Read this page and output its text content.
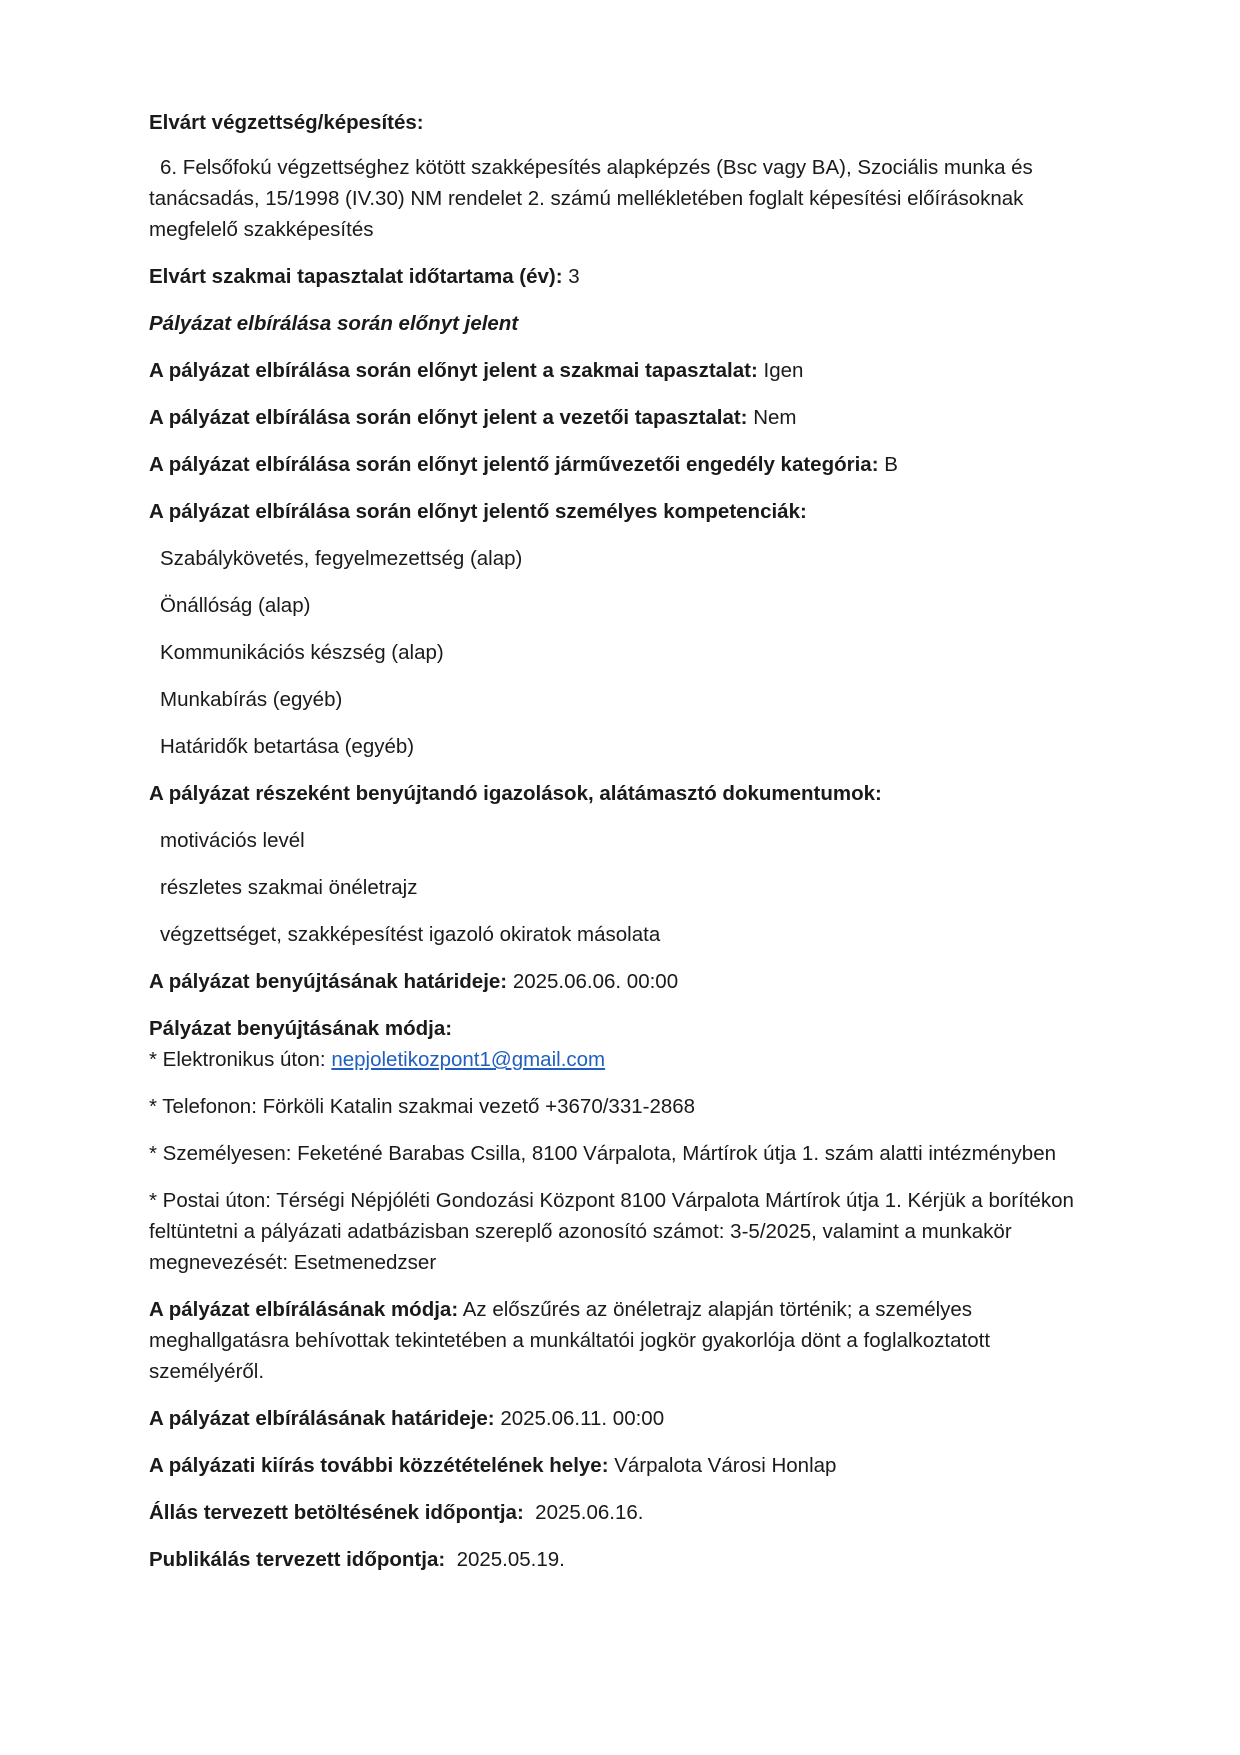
Elvárt végzettség/képesítés:

6. Felsőfokú végzettséghez kötött szakképesítés alapképzés (Bsc vagy BA), Szociális munka és tanácsadás, 15/1998 (IV.30) NM rendelet 2. számú mellékletében foglalt képesítési előírásoknak megfelelő szakképesítés

Elvárt szakmai tapasztalat időtartama (év): 3

Pályázat elbírálása során előnyt jelent

A pályázat elbírálása során előnyt jelent a szakmai tapasztalat: Igen

A pályázat elbírálása során előnyt jelent a vezetői tapasztalat: Nem

A pályázat elbírálása során előnyt jelentő járművezetői engedély kategória: B

A pályázat elbírálása során előnyt jelentő személyes kompetenciák:

Szabálykövetés, fegyelmezettség (alap)

Önállóság (alap)

Kommunikációs készség (alap)

Munkabírás (egyéb)

Határidők betartása (egyéb)

A pályázat részeként benyújtandó igazolások, alátámasztó dokumentumok:

motivációs levél

részletes szakmai önéletrajz

végzettséget, szakképesítést igazoló okiratok másolata

A pályázat benyújtásának határideje: 2025.06.06. 00:00

Pályázat benyújtásának módja:
* Elektronikus úton: nepjoletikozpont1@gmail.com

* Telefonon: Förköli Katalin szakmai vezető +3670/331-2868

* Személyesen: Feketéné Barabas Csilla, 8100 Várpalota, Mártírok útja 1. szám alatti intézményben

* Postai úton: Térségi Népjóléti Gondozási Központ 8100 Várpalota Mártírok útja 1. Kérjük a borítékon feltüntetni a pályázati adatbázisban szereplő azonosító számot: 3-5/2025, valamint a munkakör megnevezését: Esetmenedzser

A pályázat elbírálásának módja: Az előszűrés az önéletrajz alapján történik; a személyes meghallgatásra behívottak tekintetében a munkáltatói jogkör gyakorlója dönt a foglalkoztatott személyéről.

A pályázat elbírálásának határideje: 2025.06.11. 00:00

A pályázati kiírás további közzétételének helye: Várpalota Városi Honlap

Állás tervezett betöltésének időpontja:  2025.06.16.

Publikálás tervezett időpontja:  2025.05.19.
